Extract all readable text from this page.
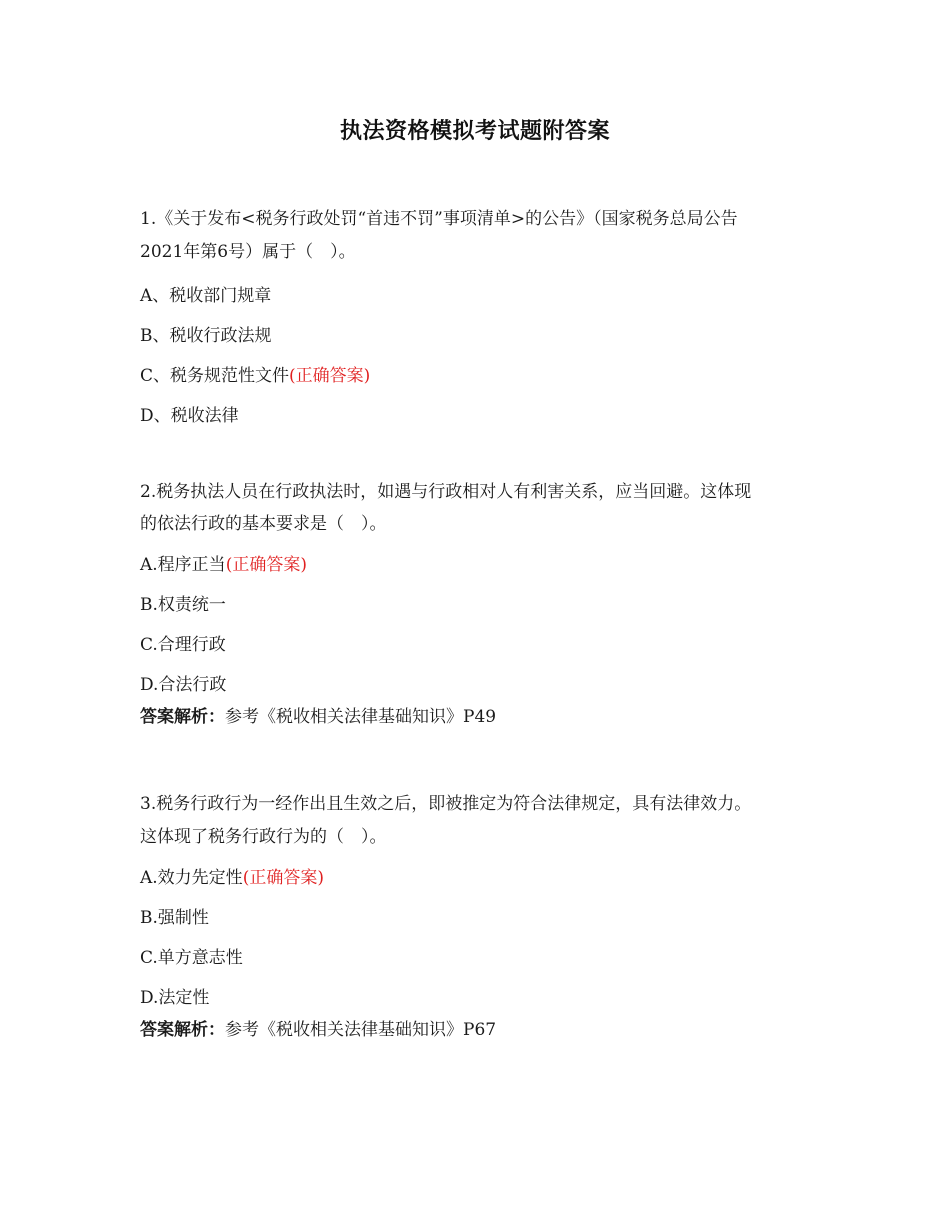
执法资格模拟考试题附答案
1.《关于发布<税务行政处罚“首违不罚”事项清单>的公告》（国家税务总局公告
2021年第6号）属于（　）。
A、税收部门规章
B、税收行政法规
C、税务规范性文件(正确答案)
D、税收法律
2.税务执法人员在行政执法时，如遇与行政相对人有利害关系，应当回避。这体现
的依法行政的基本要求是（　）。
A.程序正当(正确答案)
B.权责统一
C.合理行政
D.合法行政
答案解析：参考《税收相关法律基础知识》P49
3.税务行政行为一经作出且生效之后，即被推定为符合法律规定，具有法律效力。
这体现了税务行政行为的（　）。
A.效力先定性(正确答案)
B.强制性
C.单方意志性
D.法定性
答案解析：参考《税收相关法律基础知识》P67
